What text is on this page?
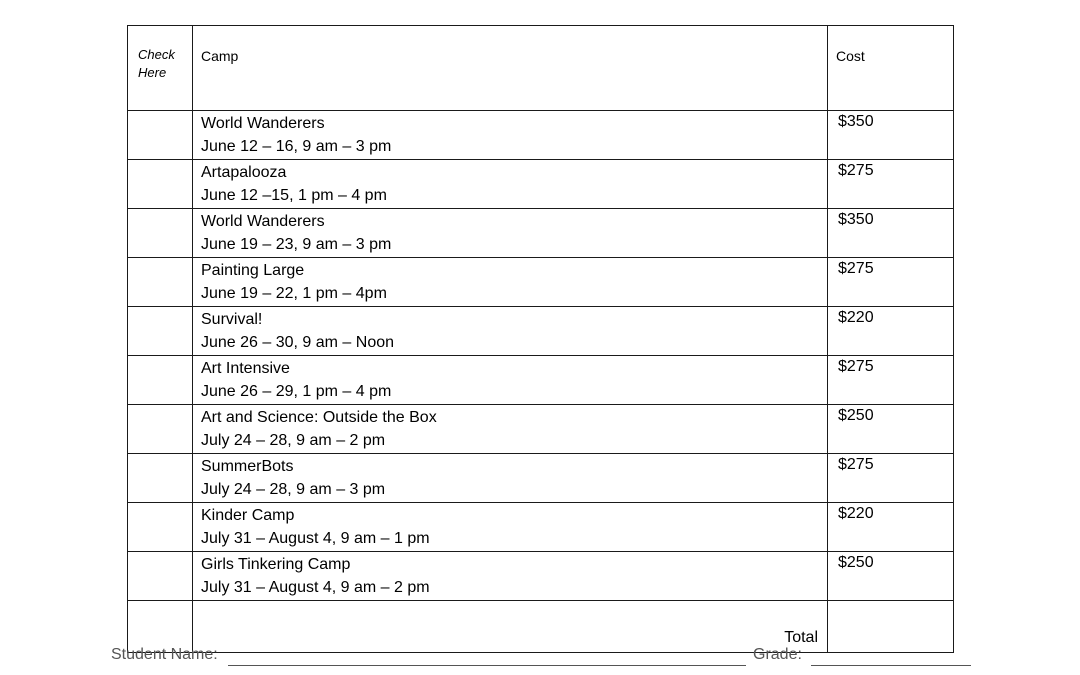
Check
Here	Camp	Cost

	World Wanderers
June 12 – 16, 9 am – 3 pm	$350

	Artapalooza
June 12 –15, 1 pm – 4 pm	$275

	World Wanderers
June 19 – 23, 9 am – 3 pm	$350

	Painting Large
June 19 – 22, 1 pm – 4pm	$275

	Survival!
June 26 – 30, 9 am – Noon	$220

	Art Intensive
June 26 – 29, 1 pm – 4 pm	$275

	Art and Science: Outside the Box
July 24 – 28, 9 am – 2 pm	$250

	SummerBots
July 24 – 28, 9 am – 3 pm	$275

	Kinder Camp
July 31 – August 4, 9 am – 1 pm	$220

	Girls Tinkering Camp
July 31 – August 4, 9 am – 2 pm	$250
	Total	
Student Name:	Grade:
